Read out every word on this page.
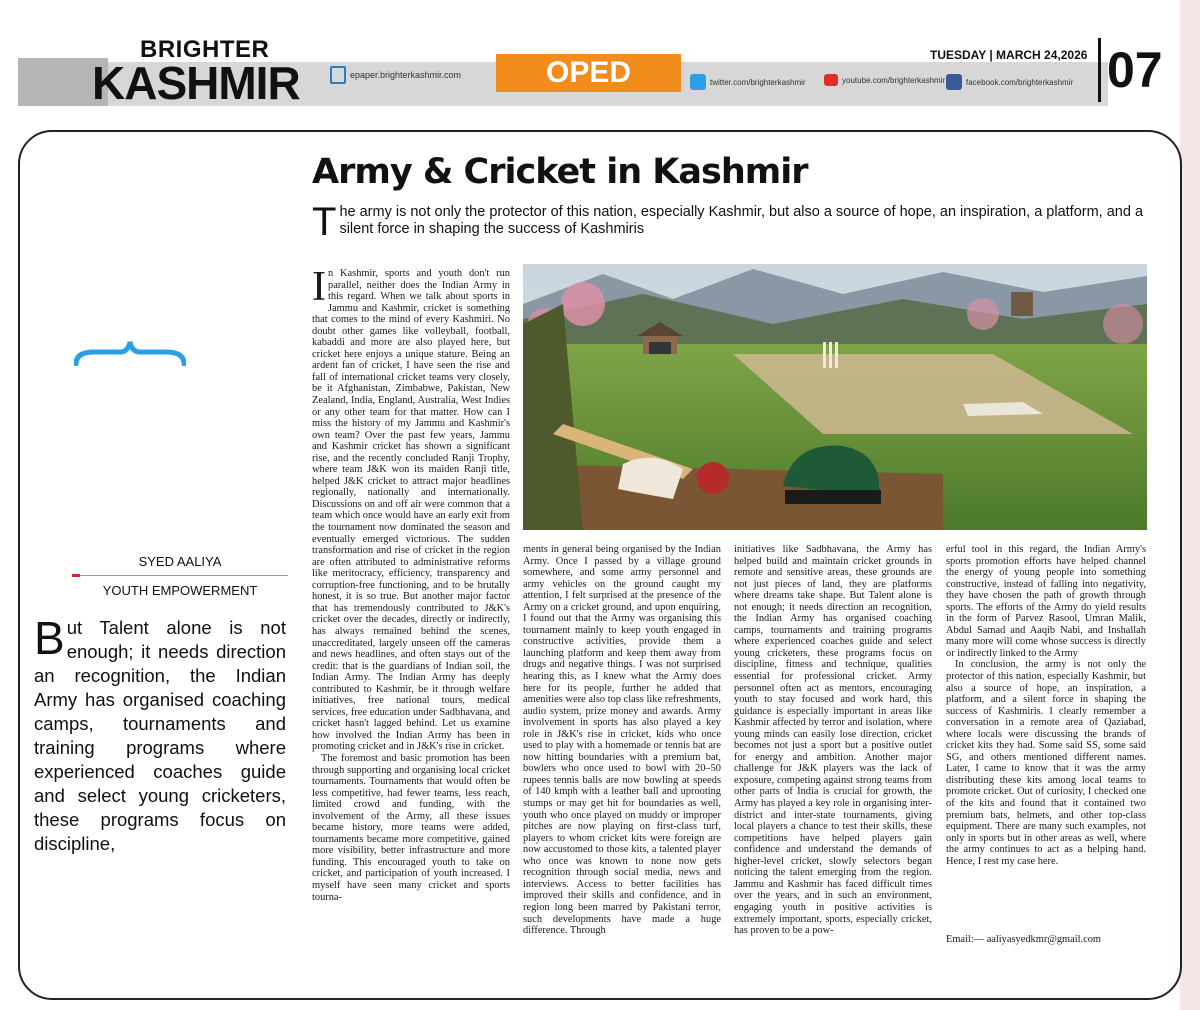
BRIGHTER
KASHMIR	epaper.brighterkashmir.com	OPED
TUESDAY | MARCH 24,2026
twitter.com/brighterkashmir	youtube.com/brighterkashmir	facebook.com/brighterkashmir 07
Army & Cricket in Kashmir
The army is not only the protector of this nation, especially Kashmir, but also a source of hope, an inspiration, a platform, and a silent force in shaping the success of Kashmiris
SYED AALIYA
YOUTH EMPOWERMENT
But Talent alone is not enough; it needs direction an recognition, the Indian Army has organised coaching camps, tournaments and training programs where experienced coaches guide and select young cricketers, these programs focus on discipline,

In Kashmir, sports and youth don't run parallel, neither does the Indian Army in this regard. When we talk about sports in Jammu and Kashmir, cricket is something that comes to the mind of every Kashmiri. No doubt other games like volleyball, football, kabaddi and more are also played here, but cricket here enjoys a unique stature. Being an ardent fan of cricket, I have seen the rise and fall of international cricket teams very closely, be it Afghanistan, Zimbabwe, Pakistan, New Zealand, India, England, Australia, West Indies or any other team for that matter. How can I miss the history of my Jammu and Kashmir's own team? Over the past few years, Jammu and Kashmir cricket has shown a significant rise, and the recently concluded Ranji Trophy, where team J&K won its maiden Ranji title, helped J&K cricket to attract major headlines regionally, nationally and internationally. Discussions on and off air were common that a team which once would have an early exit from the tournament now dominated the season and eventually emerged victorious. The sudden transformation and rise of cricket in the region are often attributed to administrative reforms like meritocracy, efficiency, transparency and corruption-free functioning, and to be brutally honest, it is so true. But another major factor that has tremendously contributed to J&K's cricket over the decades, directly or indirectly, has always remained behind the scenes, unaccreditated, largely unseen off the cameras and news headlines, and often stays out of the credit: that is the guardians of Indian soil, the Indian Army. The Indian Army has deeply contributed to Kashmir, be it through welfare initiatives, free national tours, medical services, free education under Sadbhavana, and cricket hasn't lagged behind. Let us examine how involved the Indian Army has been in promoting cricket and in J&K's rise in cricket.

The foremost and basic promotion has been through supporting and organising local cricket tournaments. Tournaments that would often be less competitive, had fewer teams, less reach, limited crowd and funding, with the involvement of the Army, all these issues became history, more teams were added, tournaments became more competitive, gained more visibility, better infrastructure and more funding. This encouraged youth to take on cricket, and participation of youth increased. I myself have seen many cricket and sports tourna-

ments in general being organised by the Indian Army. Once I passed by a village ground somewhere, and some army personnel and army vehicles on the ground caught my attention, I felt surprised at the presence of the Army on a cricket ground, and upon enquiring, I found out that the Army was organising this tournament mainly to keep youth engaged in constructive activities, provide them a launching platform and keep them away from drugs and negative things. I was not surprised hearing this, as I knew what the Army does here for its people, further he added that amenities were also top class like refreshments, audio system, prize money and awards. Army involvement in sports has also played a key role in J&K's rise in cricket, kids who once used to play with a homemade or tennis bat are now hitting boundaries with a premium bat, bowlers who once used to bowl with 20–50 rupees tennis balls are now bowling at speeds of 140 kmph with a leather ball and uprooting stumps or may get hit for boundaries as well, youth who once played on muddy or improper pitches are now playing on first-class turf, players to whom cricket kits were foreign are now accustomed to those kits, a talented player who once was known to none now gets recognition through social media, news and interviews. Access to better facilities has improved their skills and confidence, and in region long been marred by Pakistani terror, such developments have made a huge difference. Through

initiatives like Sadbhavana, the Army has helped build and maintain cricket grounds in remote and sensitive areas, these grounds are not just pieces of land, they are platforms where dreams take shape. But Talent alone is not enough; it needs direction an recognition, the Indian Army has organised coaching camps, tournaments and training programs where experienced coaches guide and select young cricketers, these programs focus on discipline, fitness and technique, qualities essential for professional cricket. Army personnel often act as mentors, encouraging youth to stay focused and work hard, this guidance is especially important in areas like Kashmir affected by terror and isolation, where young minds can easily lose direction, cricket becomes not just a sport but a positive outlet for energy and ambition. Another major challenge for J&K players was the lack of exposure, competing against strong teams from other parts of India is crucial for growth, the Army has played a key role in organising inter-district and inter-state tournaments, giving local players a chance to test their skills, these competitions have helped players gain confidence and understand the demands of higher-level cricket, slowly selectors began noticing the talent emerging from the region. Jammu and Kashmir has faced difficult times over the years, and in such an environment, engaging youth in positive activities is extremely important, sports, especially cricket, has proven to be a pow-

erful tool in this regard, the Indian Army's sports promotion efforts have helped channel the energy of young people into something constructive, instead of falling into negativity, they have chosen the path of growth through sports. The efforts of the Army do yield results in the form of Parvez Rasool, Umran Malik, Abdul Samad and Aaqib Nabi, and Inshallah many more will come whose success is directly or indirectly linked to the Army

In conclusion, the army is not only the protector of this nation, especially Kashmir, but also a source of hope, an inspiration, a platform, and a silent force in shaping the success of Kashmiris. I clearly remember a conversation in a remote area of Qaziabad, where locals were discussing the brands of cricket kits they had. Some said SS, some said SG, and others mentioned different names. Later, I came to know that it was the army distributing these kits among local teams to promote cricket. Out of curiosity, I checked one of the kits and found that it contained two premium bats, helmets, and other top-class equipment. There are many such examples, not only in sports but in other areas as well, where the army continues to act as a helping hand. Hence, I rest my case here.

Email:— aaliyasyedkmr@gmail.com
